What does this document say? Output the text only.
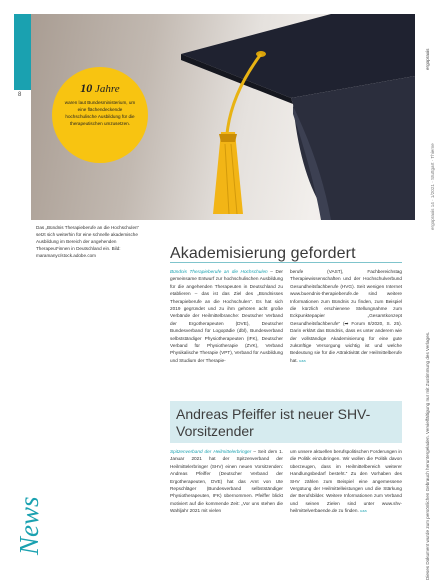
8	10 Jahre
waren laut Bundesministerium, um eine flächendeckende hochschulische Ausbildung für die therapeutischen umzusetzen.
Das „Bündnis Therapieberufe an die Hochschulen“ setzt sich weiterhin für eine schnelle akademische Ausbildung im Bereich der angehenden Therapeut*innen in Deutschland ein. Bild: maramanyc/stock.adobe.com	Akademisierung gefordert
Bündnis Therapieberufe an die Hochschulen – Der gemeinsame Entwurf zur hochschulischen Ausbildung für die angehenden Therapeuten in Deutschland zu etablieren – das ist das Ziel des „Bündnisses Therapieberufe an die Hochschulen“. Es hat sich 2019 gegründet und zu ihm gehören acht große Verbände der Heilmittelbranche: Deutscher Verband der Ergotherapeuten (DVE), Deutscher Bundesverband für Logopädie (dbl), Bundesverband selbstständiger Physiotherapeuten (IFK), Deutscher Verband für Physiotherapie (ZVK), Verband Physikalische Therapie (VPT), Verband für Ausbildung und Studium der Therapie-
berufe (VAST), Fachbereichstag Therapiewissenschaften und der Hochschulverbund Gesundheitsfachberufe (HVG). Seit wenigen Internet www.buendnis-therapieberufe.de sind weitere Informationen zum Bündnis zu finden, zum Beispiel die kürzlich erschienene Stellungnahme zum Eckpunktepapier „Gesamtkonzept Gesundheitsfachberufe“ (➡ Forum 8/2020, S. 25). Darin erklärt das Bündnis, dass es unter anderem wie der vollständige Akademisierung für eine gute zukünftige Versorgung wichtig ist und welche Bedeutung sie für die Attraktivität der Heilmittelberufe hat. uza
Andreas Pfeiffer ist neuer SHV-Vorsitzender
Spitzenverband der Heilmittelerbringer – Seit dem 1. Januar 2021 hat der Spitzenverband der Heilmittelerbringer (SHV) einen neuen Vorsitzenden: Andreas Pfeiffer (Deutscher Verband der Ergotherapeuten, DVE) hat das Amt von Ute Repschläger (Bundesverband selbstständiger Physiotherapeuten, IFK) übernommen. Pfeiffer blickt motiviert auf die kommende Zeit: „Vor uns stehen die Wahljahr 2021 mit vielen
um unsere aktuellen berufspolitischen Forderungen in die Politik einzubringen. Wir wollen die Politik davon überzeugen, dass im Heilmittelbereich weiterer Handlungsbedarf besteht.“ Zu den Vorhaben des SHV zählen zum Beispiel eine angemessene Vergütung der Heilmittelleistungen und die Stärkung der Berufsbilder. Weitere Informationen zum Verband und seinen Zielen sind unter www.shv-heilmittelverbaende.de zu finden. uza
News	Dieses Dokument wurde zum persönlichen Gebrauch heruntergeladen. Vervielfältigung nur mit Zustimmung des Verlages.
ergopraxis 14 · 1/2021 · Stuttgart · Thieme
ergopraxis
